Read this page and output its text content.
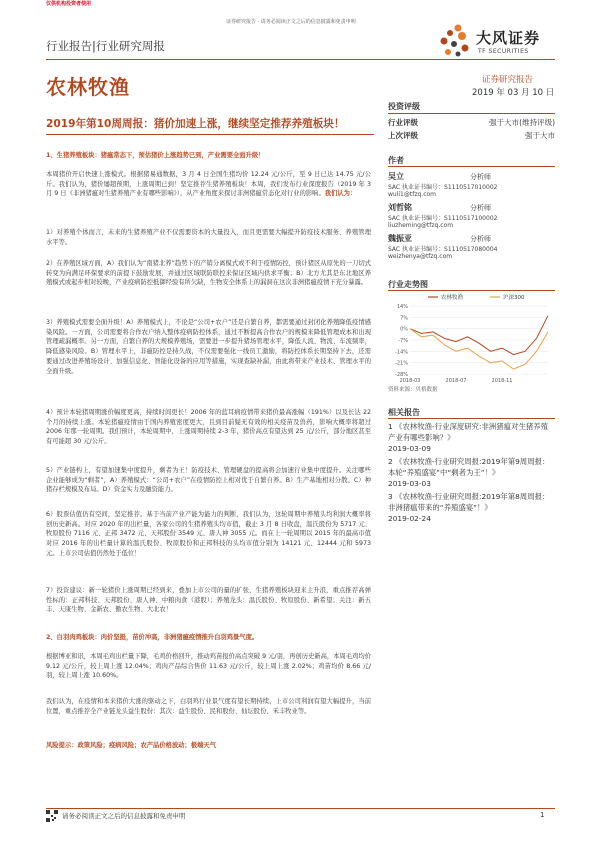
仅供机构投资者使用
证券研究报告 · 请务必阅读正文之后的信息披露和免责申明
大风证券
TF SECURITIES
行业报告|行业研究周报
农林牧渔	证券研究报告
2019 年 03 月 10 日
2019年第10周周报：猪价加速上涨，继续坚定推荐养殖板块！
1、生猪养殖板块：猪瘟常态下，预估猪价上涨趋势已到，产业需要全面升级！
本周猪价开启快速上涨模式。根据猪易通数据，3 月 4 日全国生猪均价 12.24 元/公斤，至 9 日已达 14.75 元/公斤。我们认为，猪价屡超预期，上涨周期已到！坚定推荐生猪养殖板块！本周，我们发布行业深度报告（2019 年 3 月 9 日《非洲猪瘟对生猪养殖产业有哪些影响》），从产业角度来探讨非洲猪瘟常态化对行业的影响。我们认为：
1）对养殖个体而言，未来的生猪养殖产业不仅需要资本的大量投入，而且更需要大幅提升防疫技术服务、养殖管理水平等。
2）在养殖区域方面，A）我们认为“南猪北养”趋势下的产销分离模式或不利于疫情防控，预计猪区从原先的一刀切式转变为向满足环保要求的前提下鼓励发展，并通过区域联防联控来保证区域内供求平衡；B）北方尤其是东北地区养殖模式或起步相对较晚，产业疫病防控抵御经验有所欠缺，生物安全体系上的漏洞在这次非洲猪瘟疫情下充分暴露。
3）养殖模式需要全面升级！A）养殖模式上，不论是“公司+农户”还是自繁自养，都需要通过封闭化养殖降低疫情感染风险。一方面，公司需要将合作农户纳入整体疫病防控体系，通过不断提高合作农户的规模来降低管理成本和出现管理疏漏概率。另一方面，自繁自养的大规模养殖场，需要进一步提升猪场管理水平，降低人流、物流、车流频率，降低感染风险。B）管理水平上，非瘟防控是持久战，不仅需要强化一线员工激励，将防控体系长期坚持下去，还需要通过改进养殖场设计、加强信息化、智能化设备的应用等措施，实现查缺补漏，由此将带来产业技术、管理水平的全面升级。
4）预计本轮猪周期涨价幅度更高，持续时间更长！2006 年的蓝耳病疫情带来猪价最高涨幅（191%）以及长达 22 个月的持续上涨。本轮猪瘟疫情由于国内养殖密度更大，且到目前疑无有效的相关疫苗及兽药，影响大概率将超过 2006 年那一轮周期。我们预计，本轮周期中，上涨周期持续 2-3 年，猪价高点有望达到 25 元/公斤，部分地区甚至有可能超 30 元/公斤。
5）产业链构上，有望加速集中度提升，剩者为王！防疫技术、管理硬盘的提高将会加速行业集中度提升。关注哪些企业能够成为“剩者”，A）养殖模式：“公司+农户”在疫情防控上相对优于自繁自养。B）生产基地相对分散。C）种猪存栏规模及布局。D）资金实力及融资能力。
6）股票估值仍有空间，坚定推荐。基于当前产业产能为能力的判断，我们认为，这轮周期中养殖头均利润大概率将创历史新高。对应 2020 年的出栏量，各家公司的生猪养殖头均市值，截止 3 月 8 日收盘，温氏股份为 5717 元、牧原股份 7116 元、正邦 3472 元、天邦股份 3549 元、唐人神 3055 元。而在上一轮周期以 2015 年的最高市值对应 2016 年的出栏量计算的温氏股份、牧原股份和正邦科技的头均市值分别为 14121 元、12444 元和 5973 元。上市公司估值仍然处于低位！
7）投资建议：新一轮猪价上涨周期已经到来，叠加上市公司的量的扩张，生猪养殖板块迎来主升浪，重点推荐高弹性标的：正邦科技、天邦股份、唐人神、中粮肉食（港股）；养殖龙头：温氏股份、牧原股份、新希望；关注：新五丰、天康生物、金新农、傲农生物、大北农！
2、白羽肉鸡板块：肉价坚挺，苗价冲高，非洲猪瘟疫情推升白羽鸡景气度。
根据博亚和讯，本周毛鸡出栏量下降，毛鸡价格回升，推动鸡苗报价高点突破 9 元/羽，再创历史新高，本周毛鸡均价 9.12 元/公斤，较上周上涨 12.04%；鸡肉产品综合售价 11.63 元/公斤，较上周上涨 2.02%；鸡苗均价 8.66 元/羽，较上周上涨 10.60%。
我们认为，在疫情和本来猪价大涨的驱动之下，白羽鸡行业景气度有望长期持续，上市公司利润有望大幅提升，当前位置，重点推荐全产业链龙头益生股份：其次：益生股份、民和股份、仙坛股份、禾丰牧业等。
风险提示：政策风险；疫病风险；农产品价格波动；极端天气
投资评级
行业评级	强于大市(维持评级)
上次评级	强于大市
作者
吴立	分析师
SAC 执业证书编号：S1110517010002
wuli1@tfzq.com
刘哲铭	分析师
SAC 执业证书编号：S1110517100002
liuzheming@tfzq.com
魏振亚	分析师
SAC 执业证书编号：S1110517080004
weizhenya@tfzq.com
行业走势图
14%
7%
0%
-7%
-14%
-21%
-28%
2018-03	2018-07	2018-11
农林牧渔	沪深300
资料来源：贝格数据
相关报告
1 《农林牧渔-行业深度研究:非洲猪瘟对生猪养殖产业有哪些影响？》
2019-03-09
2 《农林牧渔-行业研究周报:2019年第9周周报：本轮“养殖盛宴”中“剩者为王”！》
2019-03-03
3 《农林牧渔-行业研究周报:2019年第8周周报：非洲猪瘟带来的“养殖盛宴”！》
2019-02-24
请务必阅读正文之后的信息披露和免责申明	1
